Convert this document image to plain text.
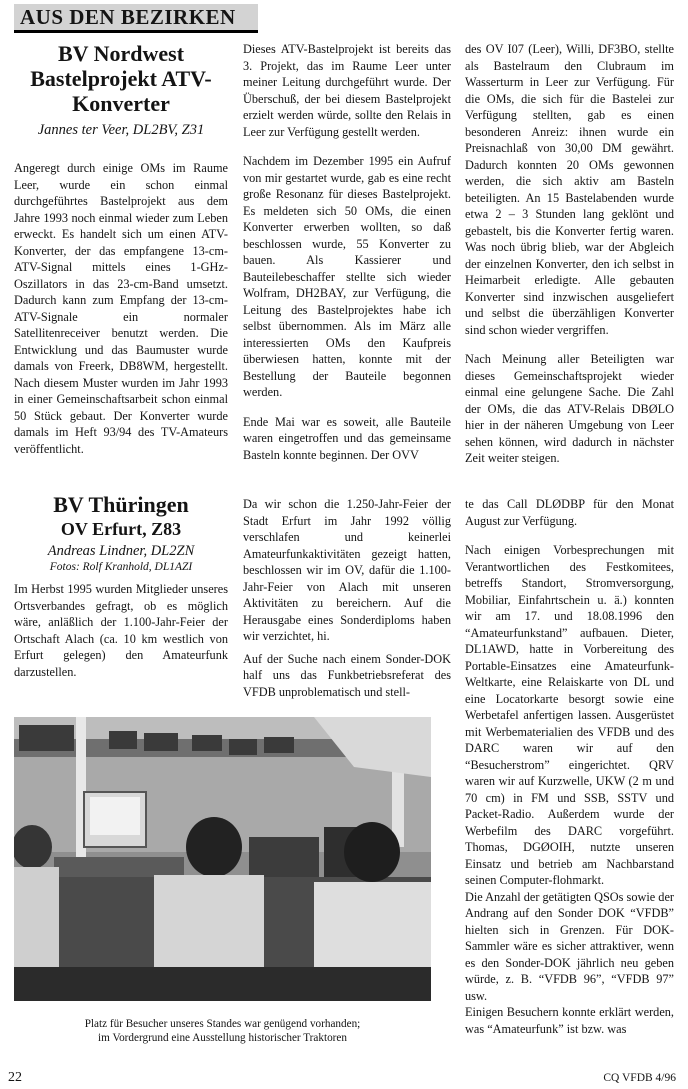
AUS DEN BEZIRKEN
BV Nordwest
Bastelprojekt ATV-
Konverter
Jannes ter Veer, DL2BV, Z31

Angeregt durch einige OMs im Raume Leer, wurde ein schon einmal durchgeführtes Bastelprojekt aus dem Jahre 1993 noch einmal wieder zum Leben erweckt. Es handelt sich um einen ATV-Konverter, der das empfangene 13-cm-ATV-Signal mittels eines 1-GHz-Oszillators in das 23-cm-Band umsetzt. Dadurch kann zum Empfang der 13-cm-ATV-Signale ein normaler Satellitenreceiver benutzt werden. Die Entwicklung und das Baumuster wurde damals von Freerk, DB8WM, hergestellt. Nach diesem Muster wurden im Jahr 1993 in einer Gemeinschaftsarbeit schon einmal 50 Stück gebaut. Der Konverter wurde damals im Heft 93/94 des TV-Amateurs veröffentlicht.

BV Thüringen
OV Erfurt, Z83
Andreas Lindner, DL2ZN
Fotos: Rolf Kranhold, DL1AZI

Im Herbst 1995 wurden Mitglieder unseres Ortsverbandes gefragt, ob es möglich wäre, anläßlich der 1.100-Jahr-Feier der Ortschaft Alach (ca. 10 km westlich von Erfurt gelegen) den Amateurfunk darzustellen.

Dieses ATV-Bastelprojekt ist bereits das 3. Projekt, das im Raume Leer unter meiner Leitung durchgeführt wurde. Der Überschuß, der bei diesem Bastelprojekt erzielt werden würde, sollte den Relais in Leer zur Verfügung gestellt werden.

Nachdem im Dezember 1995 ein Aufruf von mir gestartet wurde, gab es eine recht große Resonanz für dieses Bastelprojekt. Es meldeten sich 50 OMs, die einen Konverter erwerben wollten, so daß beschlossen wurde, 55 Konverter zu bauen. Als Kassierer und Bauteilebeschaffer stellte sich wieder Wolfram, DH2BAY, zur Verfügung, die Leitung des Bastelprojektes habe ich selbst übernommen. Als im März alle interessierten OMs den Kaufpreis überwiesen hatten, konnte mit der Bestellung der Bauteile begonnen werden.

Ende Mai war es soweit, alle Bauteile waren eingetroffen und das gemeinsame Basteln konnte beginnen. Der OVV

Da wir schon die 1.250-Jahr-Feier der Stadt Erfurt im Jahr 1992 völlig verschlafen und keinerlei Amateurfunkaktivitäten gezeigt hatten, beschlossen wir im OV, dafür die 1.100-Jahr-Feier von Alach mit unseren Aktivitäten zu bereichern. Auf die Herausgabe eines Sonderdiploms haben wir verzichtet, hi.

Auf der Suche nach einem Sonder-DOK half uns das Funkbetriebsreferat des VFDB unproblematisch und stell-

des OV I07 (Leer), Willi, DF3BO, stellte als Bastelraum den Clubraum im Wasserturm in Leer zur Verfügung. Für die OMs, die sich für die Bastelei zur Verfügung stellten, gab es einen besonderen Anreiz: ihnen wurde ein Preisnachlaß von 30,00 DM gewährt. Dadurch konnten 20 OMs gewonnen werden, die sich aktiv am Basteln beteiligten. An 15 Bastelabenden wurde etwa 2 – 3 Stunden lang geklönt und gebastelt, bis die Konverter fertig waren. Was noch übrig blieb, war der Abgleich der einzelnen Konverter, den ich selbst in Heimarbeit erledigte. Alle gebauten Konverter sind inzwischen ausgeliefert und selbst die überzähligen Konverter sind schon wieder vergriffen.

Nach Meinung aller Beteiligten war dieses Gemeinschaftsprojekt wieder einmal eine gelungene Sache. Die Zahl der OMs, die das ATV-Relais DBØLO hier in der näheren Umgebung von Leer sehen können, wird dadurch in nächster Zeit weiter steigen.

te das Call DLØDBP für den Monat August zur Verfügung.

Nach einigen Vorbesprechungen mit Verantwortlichen des Festkomitees, betreffs Standort, Stromversorgung, Mobiliar, Einfahrtschein u. ä.) konnten wir am 17. und 18.08.1996 den “Amateurfunkstand” aufbauen. Dieter, DL1AWD, hatte in Vorbereitung des Portable-Einsatzes eine Amateurfunk-Weltkarte, eine Relaiskarte von DL und eine Locatorkarte besorgt sowie eine Werbetafel anfertigen lassen. Ausgerüstet mit Werbematerialien des VFDB und des DARC waren wir auf den “Besucherstrom” eingerichtet. QRV waren wir auf Kurzwelle, UKW (2 m und 70 cm) in FM und SSB, SSTV und Packet-Radio. Außerdem wurde der Werbefilm des DARC vorgeführt. Thomas, DGØOIH, nutzte unseren Einsatz und betrieb am Nachbarstand seinen Computer-flohmarkt.

Die Anzahl der getätigten QSOs sowie der Andrang auf den Sonder DOK “VFDB” hielten sich in Grenzen. Für DOK-Sammler wäre es sicher attraktiver, wenn es den Sonder-DOK jährlich neu geben würde, z. B. “VFDB 96”, “VFDB 97” usw.

Einigen Besuchern konnte erklärt werden, was “Amateurfunk” ist bzw. was

Platz für Besucher unseres Standes war genügend vorhanden;
im Vordergrund eine Ausstellung historischer Traktoren
22	CQ VFDB 4/96
